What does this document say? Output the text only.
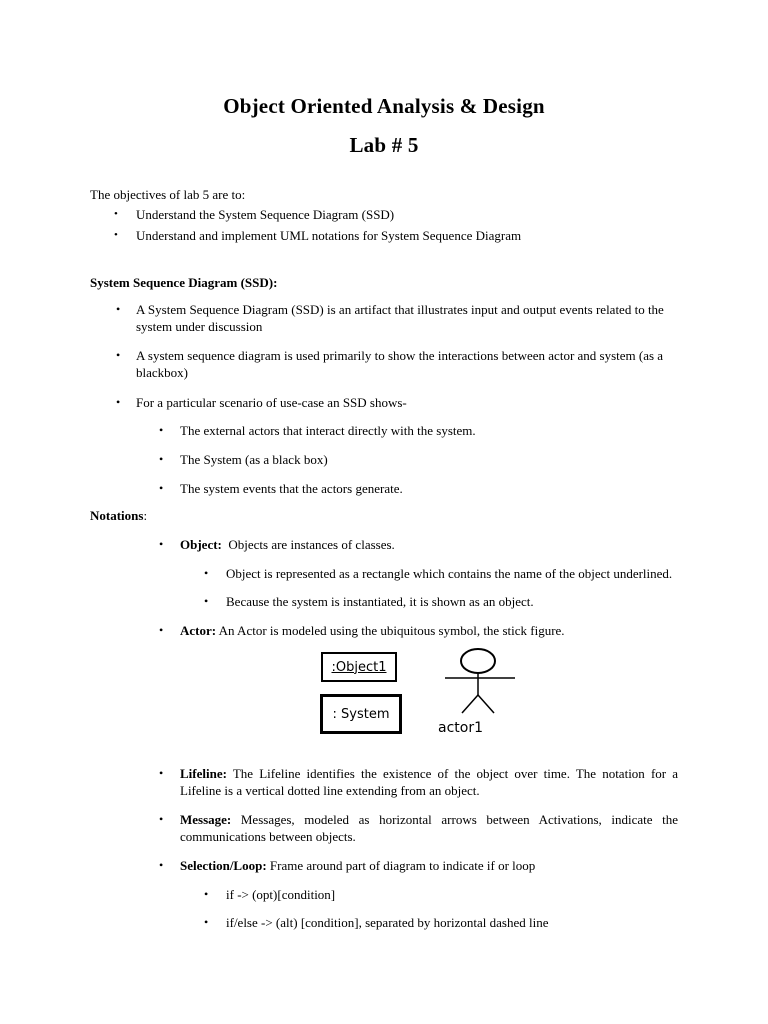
Object Oriented Analysis & Design
Lab # 5
The objectives of lab 5 are to:
• Understand the System Sequence Diagram (SSD)
• Understand and implement UML notations for System Sequence Diagram
System Sequence Diagram (SSD):
• A System Sequence Diagram (SSD) is an artifact that illustrates input and output events related to the system under discussion
• A system sequence diagram is used primarily to show the interactions between actor and system (as a blackbox)
• For a particular scenario of use-case an SSD shows-
• The external actors that interact directly with the system.
• The System (as a black box)
• The system events that the actors generate.
Notations:
• Object: Objects are instances of classes.
• Object is represented as a rectangle which contains the name of the object underlined.
• Because the system is instantiated, it is shown as an object.
• Actor: An Actor is modeled using the ubiquitous symbol, the stick figure.
:Object1
: System
actor1
• Lifeline: The Lifeline identifies the existence of the object over time. The notation for a Lifeline is a vertical dotted line extending from an object.
• Message: Messages, modeled as horizontal arrows between Activations, indicate the communications between objects.
• Selection/Loop: Frame around part of diagram to indicate if or loop
• if -> (opt)[condition]
• if/else -> (alt) [condition], separated by horizontal dashed line
